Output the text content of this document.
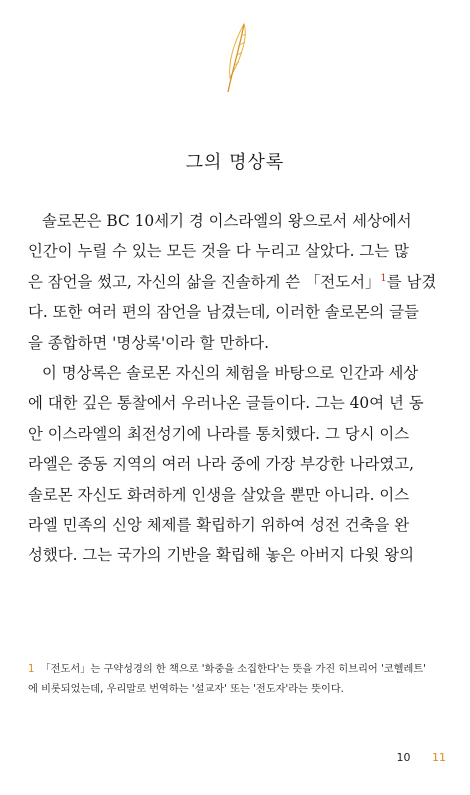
그의 명상록

솔로몬은 BC 10세기 경 이스라엘의 왕으로서 세상에서
인간이 누릴 수 있는 모든 것을 다 누리고 살았다. 그는 많
은 잠언을 썼고, 자신의 삶을 진솔하게 쓴 「전도서」$^1$를 남겼
다. 또한 여러 편의 잠언을 남겼는데, 이러한 솔로몬의 글들
을 종합하면 '명상록'이라 할 만하다.

이 명상록은 솔로몬 자신의 체험을 바탕으로 인간과 세상
에 대한 깊은 통찰에서 우러나온 글들이다. 그는 40여 년 동
안 이스라엘의 최전성기에 나라를 통치했다. 그 당시 이스
라엘은 중동 지역의 여러 나라 중에 가장 부강한 나라였고,
솔로몬 자신도 화려하게 인생을 살았을 뿐만 아니라. 이스
라엘 민족의 신앙 체제를 확립하기 위하여 성전 건축을 완
성했다. 그는 국가의 기반을 확립해 놓은 아버지 다윗 왕의

1 「전도서」는 구약성경의 한 책으로 '화중을 소집한다'는 뜻을 가진 히브리어 '코헬레트'
에 비롯되었는데, 우리말로 번역하는 '설교자' 또는 '전도자'라는 뜻이다.
10 11
